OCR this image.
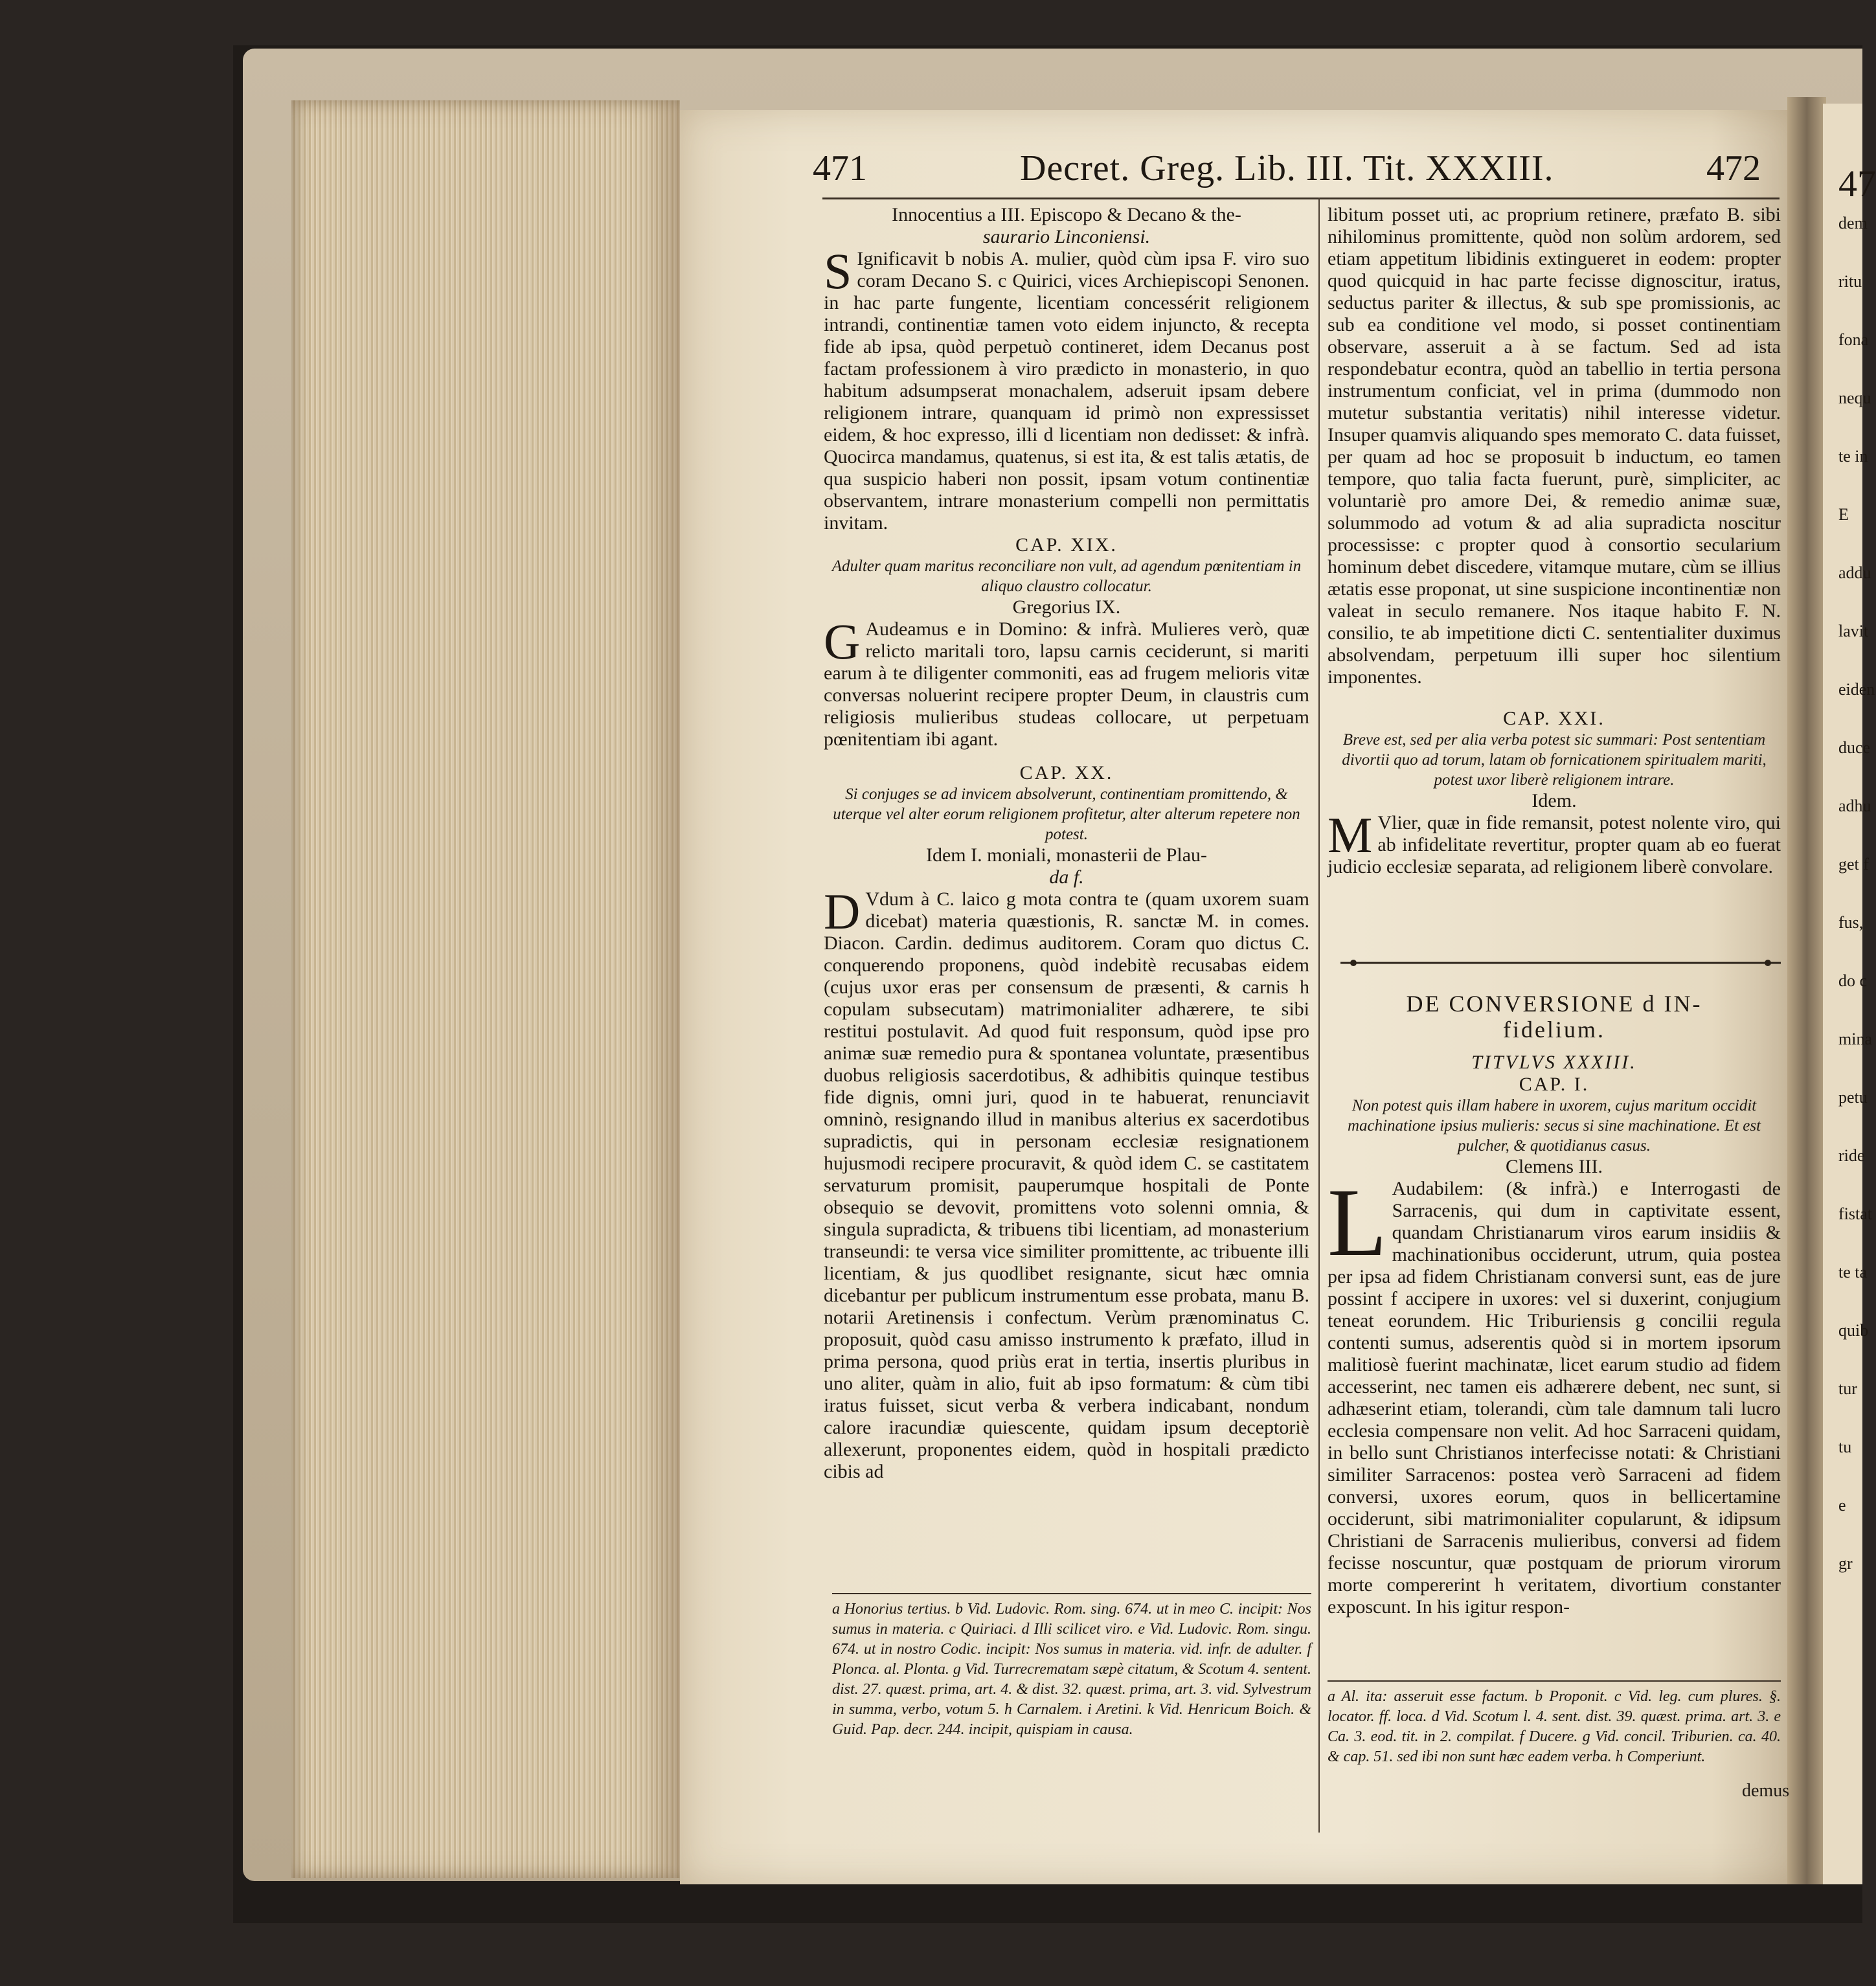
47
dem
ritu
fona
nequ
te in
E
addu
lavit
eiden
duce
adhu
get f
fus,
do c
mina
petu
ride
fistat
te ta
quib
tur
tu
e
gr
471	Decret. Greg. Lib. III. Tit. XXXIII.	472

Innocentius a III. Episcopo & Decano & the-

saurario Linconiensi.

S Ignificavit b nobis A. mulier, quòd cùm ipsa F. viro suo coram Decano S. c Quirici, vices Archiepiscopi Senonen. in hac parte fungente, licentiam concessérit religionem intrandi, continentiæ tamen voto eidem injuncto, & recepta fide ab ipsa, quòd perpetuò contineret, idem Decanus post factam professionem à viro prædicto in monasterio, in quo habitum adsumpserat monachalem, adseruit ipsam debere religionem intrare, quanquam id primò non expressisset eidem, & hoc expresso, illi d licentiam non dedisset: & infrà. Quocirca mandamus, quatenus, si est ita, & est talis ætatis, de qua suspicio haberi non possit, ipsam votum continentiæ observantem, intrare monasterium compelli non permittatis invitam.

CAP. XIX.

Adulter quam maritus reconciliare non vult, ad agendum pœnitentiam in aliquo claustro collocatur.

Gregorius IX.

G Audeamus e in Domino: & infrà. Mulieres verò, quæ relicto maritali toro, lapsu carnis ceciderunt, si mariti earum à te diligenter commoniti, eas ad frugem melioris vitæ conversas noluerint recipere propter Deum, in claustris cum religiosis mulieribus studeas collocare, ut perpetuam pœnitentiam ibi agant.

CAP. XX.

Si conjuges se ad invicem absolverunt, continentiam promittendo, & uterque vel alter eorum religionem profitetur, alter alterum repetere non potest.

Idem I. moniali, monasterii de Plau-

da f.

D Vdum à C. laico g mota contra te (quam uxorem suam dicebat) materia quæstionis, R. sanctæ M. in comes. Diacon. Cardin. dedimus auditorem. Coram quo dictus C. conquerendo proponens, quòd indebitè recusabas eidem (cujus uxor eras per consensum de præsenti, & carnis h copulam subsecutam) matrimonialiter adhærere, te sibi restitui postulavit. Ad quod fuit responsum, quòd ipse pro animæ suæ remedio pura & spontanea voluntate, præsentibus duobus religiosis sacerdotibus, & adhibitis quinque testibus fide dignis, omni juri, quod in te habuerat, renunciavit omninò, resignando illud in manibus alterius ex sacerdotibus supradictis, qui in personam ecclesiæ resignationem hujusmodi recipere procuravit, & quòd idem C. se castitatem servaturum promisit, pauperumque hospitali de Ponte obsequio se devovit, promittens voto solenni omnia, & singula supradicta, & tribuens tibi licentiam, ad monasterium transeundi: te versa vice similiter promittente, ac tribuente illi licentiam, & jus quodlibet resignante, sicut hæc omnia dicebantur per publicum instrumentum esse probata, manu B. notarii Aretinensis i confectum. Verùm prænominatus C. proposuit, quòd casu amisso instrumento k præfato, illud in prima persona, quod priùs erat in tertia, insertis pluribus in uno aliter, quàm in alio, fuit ab ipso formatum: & cùm tibi iratus fuisset, sicut verba & verbera indicabant, nondum calore iracundiæ quiescente, quidam ipsum deceptoriè allexerunt, proponentes eidem, quòd in hospitali prædicto cibis ad

a Honorius tertius. b Vid. Ludovic. Rom. sing. 674. ut in meo C. incipit: Nos sumus in materia. c Quiriaci. d Illi scilicet viro. e Vid. Ludovic. Rom. singu. 674. ut in nostro Codic. incipit: Nos sumus in materia. vid. infr. de adulter. f Plonca. al. Plonta. g Vid. Turrecrematam sæpè citatum, & Scotum 4. sentent. dist. 27. quæst. prima, art. 4. & dist. 32. quæst. prima, art. 3. vid. Sylvestrum in summa, verbo, votum 5. h Carnalem. i Aretini. k Vid. Henricum Boich. & Guid. Pap. decr. 244. incipit, quispiam in causa.

libitum posset uti, ac proprium retinere, præfato B. sibi nihilominus promittente, quòd non solùm ardorem, sed etiam appetitum libidinis extingueret in eodem: propter quod quicquid in hac parte fecisse dignoscitur, iratus, seductus pariter & illectus, & sub spe promissionis, ac sub ea conditione vel modo, si posset continentiam observare, asseruit a à se factum. Sed ad ista respondebatur econtra, quòd an tabellio in tertia persona instrumentum conficiat, vel in prima (dummodo non mutetur substantia veritatis) nihil interesse videtur. Insuper quamvis aliquando spes memorato C. data fuisset, per quam ad hoc se proposuit b inductum, eo tamen tempore, quo talia facta fuerunt, purè, simpliciter, ac voluntariè pro amore Dei, & remedio animæ suæ, solummodo ad votum & ad alia supradicta noscitur processisse: c propter quod à consortio secularium hominum debet discedere, vitamque mutare, cùm se illius ætatis esse proponat, ut sine suspicione incontinentiæ non valeat in seculo remanere. Nos itaque habito F. N. consilio, te ab impetitione dicti C. sententialiter duximus absolvendam, perpetuum illi super hoc silentium imponentes.

CAP. XXI.

Breve est, sed per alia verba potest sic summari: Post sententiam divortii quo ad torum, latam ob fornicationem spiritualem mariti, potest uxor liberè religionem intrare.

Idem.

M Vlier, quæ in fide remansit, potest nolente viro, qui ab infidelitate revertitur, propter quam ab eo fuerat judicio ecclesiæ separata, ad religionem liberè convolare.

DE CONVERSIONE d IN-

fidelium.

TITVLVS XXXIII.

CAP. I.

Non potest quis illam habere in uxorem, cujus maritum occidit machinatione ipsius mulieris: secus si sine machinatione. Et est pulcher, & quotidianus casus.

Clemens III.

L Audabilem: (& infrà.) e Interrogasti de Sarracenis, qui dum in captivitate essent, quandam Christianarum viros earum insidiis & machinationibus occiderunt, utrum, quia postea per ipsa ad fidem Christianam conversi sunt, eas de jure possint f accipere in uxores: vel si duxerint, conjugium teneat eorundem. Hic Triburiensis g concilii regula contenti sumus, adserentis quòd si in mortem ipsorum malitiosè fuerint machinatæ, licet earum studio ad fidem accesserint, nec tamen eis adhærere debent, nec sunt, si adhæserint etiam, tolerandi, cùm tale damnum tali lucro ecclesia compensare non velit. Ad hoc Sarraceni quidam, in bello sunt Christianos interfecisse notati: & Christiani similiter Sarracenos: postea verò Sarraceni ad fidem conversi, uxores eorum, quos in bellicertamine occiderunt, sibi matrimonialiter copularunt, & idipsum Christiani de Sarracenis mulieribus, conversi ad fidem fecisse noscuntur, quæ postquam de priorum virorum morte compererint h veritatem, divortium constanter exposcunt. In his igitur respon-

a Al. ita: asseruit esse factum. b Proponit. c Vid. leg. cum plures. §. locator. ff. loca. d Vid. Scotum l. 4. sent. dist. 39. quæst. prima. art. 3. e Ca. 3. eod. tit. in 2. compilat. f Ducere. g Vid. concil. Triburien. ca. 40. & cap. 51. sed ibi non sunt hæc eadem verba. h Comperiunt.
demus
